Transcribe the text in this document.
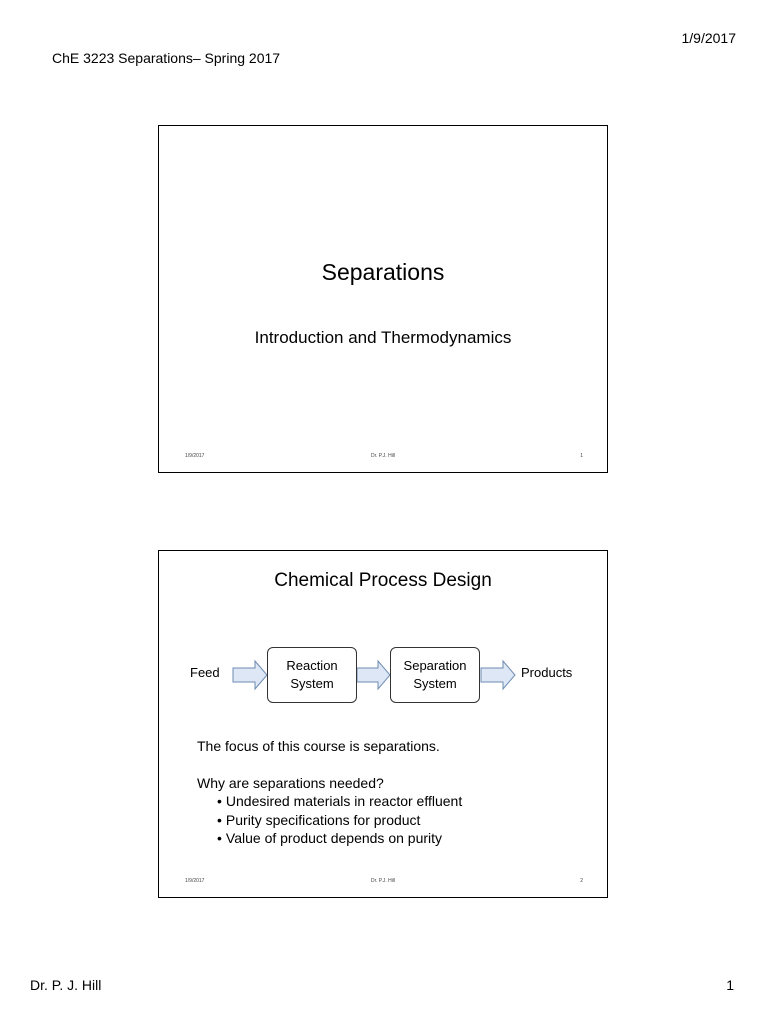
1/9/2017
ChE 3223 Separations– Spring 2017
Separations
Introduction and Thermodynamics
1/9/2017	Dr. P.J. Hill	1
Chemical Process Design
Feed	Reaction
System
Separation
System
Products
The focus of this course is separations.
Why are separations needed?
• Undesired materials in reactor effluent
• Purity specifications for product
• Value of product depends on purity
1/9/2017	Dr. P.J. Hill	2
Dr. P. J. Hill	1
